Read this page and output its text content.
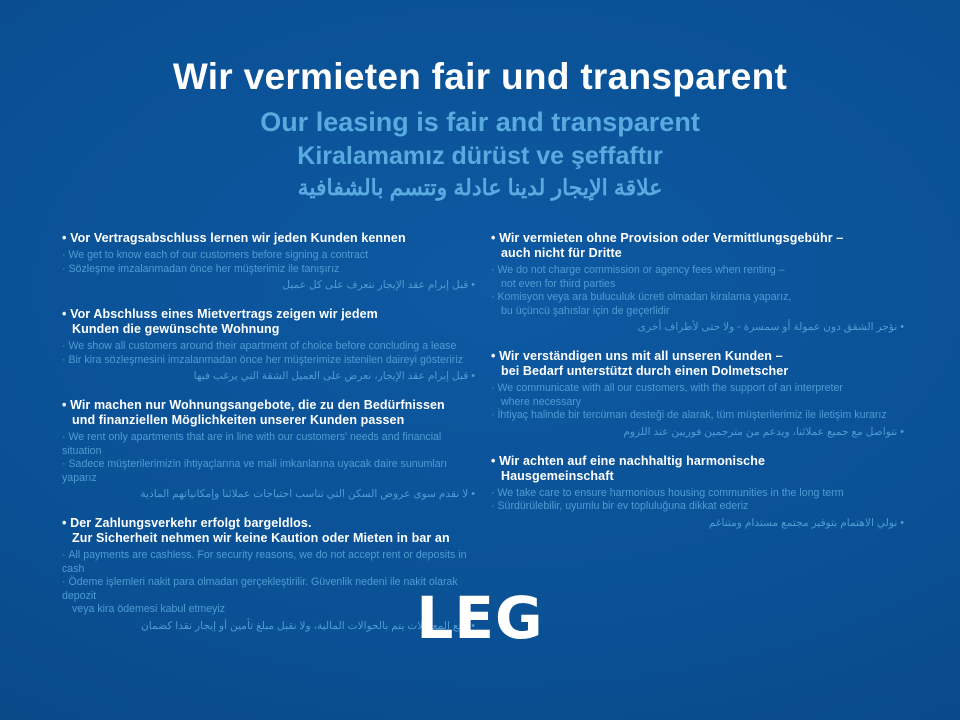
Wir vermieten fair und transparent
Our leasing is fair and transparent
Kiralamamız dürüst ve şeffaftır
علاقة الإيجار لدينا عادلة وتتسم بالشفافية
• Vor Vertragsabschluss lernen wir jeden Kunden kennen
· We get to know each of our customers before signing a contract
· Sözleşme imzalanmadan önce her müşterimiz ile tanışırız
• قبل إبرام عقد الإيجار نتعرف على كل عميل
• Vor Abschluss eines Mietvertrags zeigen wir jedem
Kunden die gewünschte Wohnung
· We show all customers around their apartment of choice before concluding a lease
· Bir kira sözleşmesini imzalanmadan önce her müşterimize istenilen daireyi gösteririz
• قبل إبرام عقد الإيجار، نعرض على العميل الشقة التي يرغب فيها
• Wir machen nur Wohnungsangebote, die zu den Bedürfnissen
und finanziellen Möglichkeiten unserer Kunden passen
· We rent only apartments that are in line with our customers' needs and financial situation
· Sadece müşterilerimizin ihtiyaçlarına ve mali imkanlarına uyacak daire sunumları yaparız
• لا نقدم سوى عروض السكن التي تناسب احتياجات عملائنا وإمكانياتهم المادية
• Der Zahlungsverkehr erfolgt bargeldlos.
Zur Sicherheit nehmen wir keine Kaution oder Mieten in bar an
· All payments are cashless. For security reasons, we do not accept rent or deposits in cash
· Ödeme işlemleri nakit para olmadan gerçekleştirilir. Güvenlik nedeni ile nakit olarak depozit
veya kira ödemesi kabul etmeyiz
• دفع المعاملات يتم بالحوالات المالية، ولا نقبل مبلغ تأمين أو إيجار نقدا كضمان
• Wir vermieten ohne Provision oder Vermittlungsgebühr –
auch nicht für Dritte
· We do not charge commission or agency fees when renting –
not even for third parties
· Komisyon veya ara buluculuk ücreti olmadan kiralama yaparız,
bu üçüncü şahıslar için de geçerlidir
• نؤجر الشقق دون عمولة أو سمسرة - ولا حتى لأطراف أخرى
• Wir verständigen uns mit all unseren Kunden –
bei Bedarf unterstützt durch einen Dolmetscher
· We communicate with all our customers, with the support of an interpreter
where necessary
· İhtiyaç halinde bir tercüman desteği de alarak, tüm müşterilerimiz ile iletişim kurarız
• نتواصل مع جميع عملائنا، ويدعم من مترجمين فوريين عند اللزوم
• Wir achten auf eine nachhaltig harmonische
Hausgemeinschaft
· We take care to ensure harmonious housing communities in the long term
· Sürdürülebilir, uyumlu bir ev topluluğuna dikkat ederiz
• نولي الاهتمام بتوفير مجتمع مستدام ومتناغم
LEG
